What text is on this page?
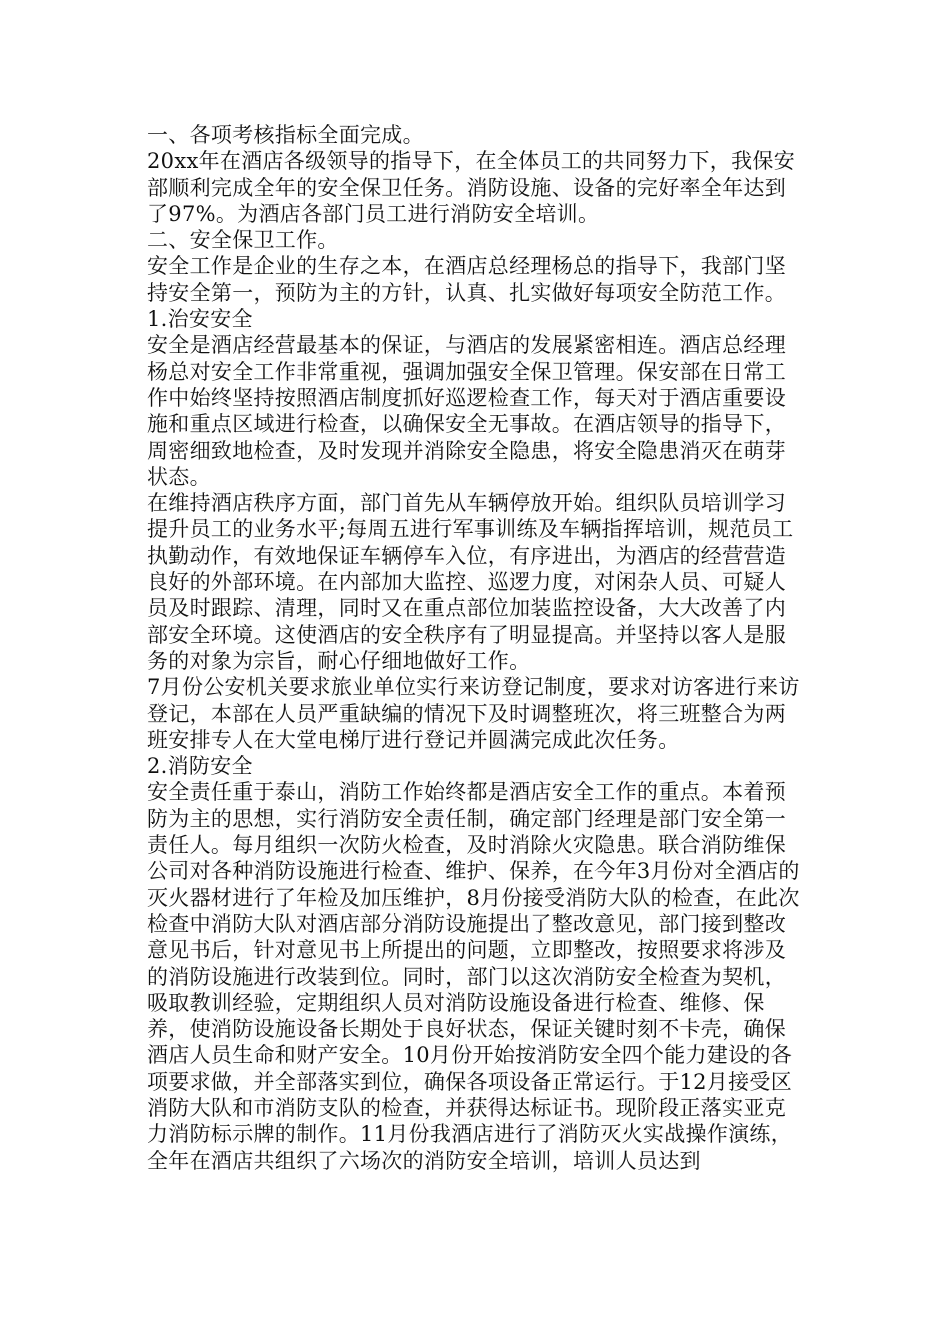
一、各项考核指标全面完成。

20xx年在酒店各级领导的指导下，在全体员工的共同努力下，我保安部顺利完成全年的安全保卫任务。消防设施、设备的完好率全年达到了97%。为酒店各部门员工进行消防安全培训。

二、安全保卫工作。

安全工作是企业的生存之本，在酒店总经理杨总的指导下，我部门坚持安全第一，预防为主的方针，认真、扎实做好每项安全防范工作。

1.治安安全

安全是酒店经营最基本的保证，与酒店的发展紧密相连。酒店总经理杨总对安全工作非常重视，强调加强安全保卫管理。保安部在日常工作中始终坚持按照酒店制度抓好巡逻检查工作，每天对于酒店重要设施和重点区域进行检查，以确保安全无事故。在酒店领导的指导下，周密细致地检查，及时发现并消除安全隐患，将安全隐患消灭在萌芽状态。

在维持酒店秩序方面，部门首先从车辆停放开始。组织队员培训学习提升员工的业务水平;每周五进行军事训练及车辆指挥培训，规范员工执勤动作，有效地保证车辆停车入位，有序进出，为酒店的经营营造良好的外部环境。在内部加大监控、巡逻力度，对闲杂人员、可疑人员及时跟踪、清理，同时又在重点部位加装监控设备，大大改善了内部安全环境。这使酒店的安全秩序有了明显提高。并坚持以客人是服务的对象为宗旨，耐心仔细地做好工作。

7月份公安机关要求旅业单位实行来访登记制度，要求对访客进行来访登记，本部在人员严重缺编的情况下及时调整班次，将三班整合为两班安排专人在大堂电梯厅进行登记并圆满完成此次任务。

2.消防安全

安全责任重于泰山，消防工作始终都是酒店安全工作的重点。本着预防为主的思想，实行消防安全责任制，确定部门经理是部门安全第一责任人。每月组织一次防火检查，及时消除火灾隐患。联合消防维保公司对各种消防设施进行检查、维护、保养，在今年3月份对全酒店的灭火器材进行了年检及加压维护，8月份接受消防大队的检查，在此次检查中消防大队对酒店部分消防设施提出了整改意见，部门接到整改意见书后，针对意见书上所提出的问题，立即整改，按照要求将涉及的消防设施进行改装到位。同时，部门以这次消防安全检查为契机，吸取教训经验，定期组织人员对消防设施设备进行检查、维修、保养，使消防设施设备长期处于良好状态，保证关键时刻不卡壳，确保酒店人员生命和财产安全。10月份开始按消防安全四个能力建设的各项要求做，并全部落实到位，确保各项设备正常运行。于12月接受区消防大队和市消防支队的检查，并获得达标证书。现阶段正落实亚克力消防标示牌的制作。11月份我酒店进行了消防灭火实战操作演练，全年在酒店共组织了六场次的消防安全培训，培训人员达到
